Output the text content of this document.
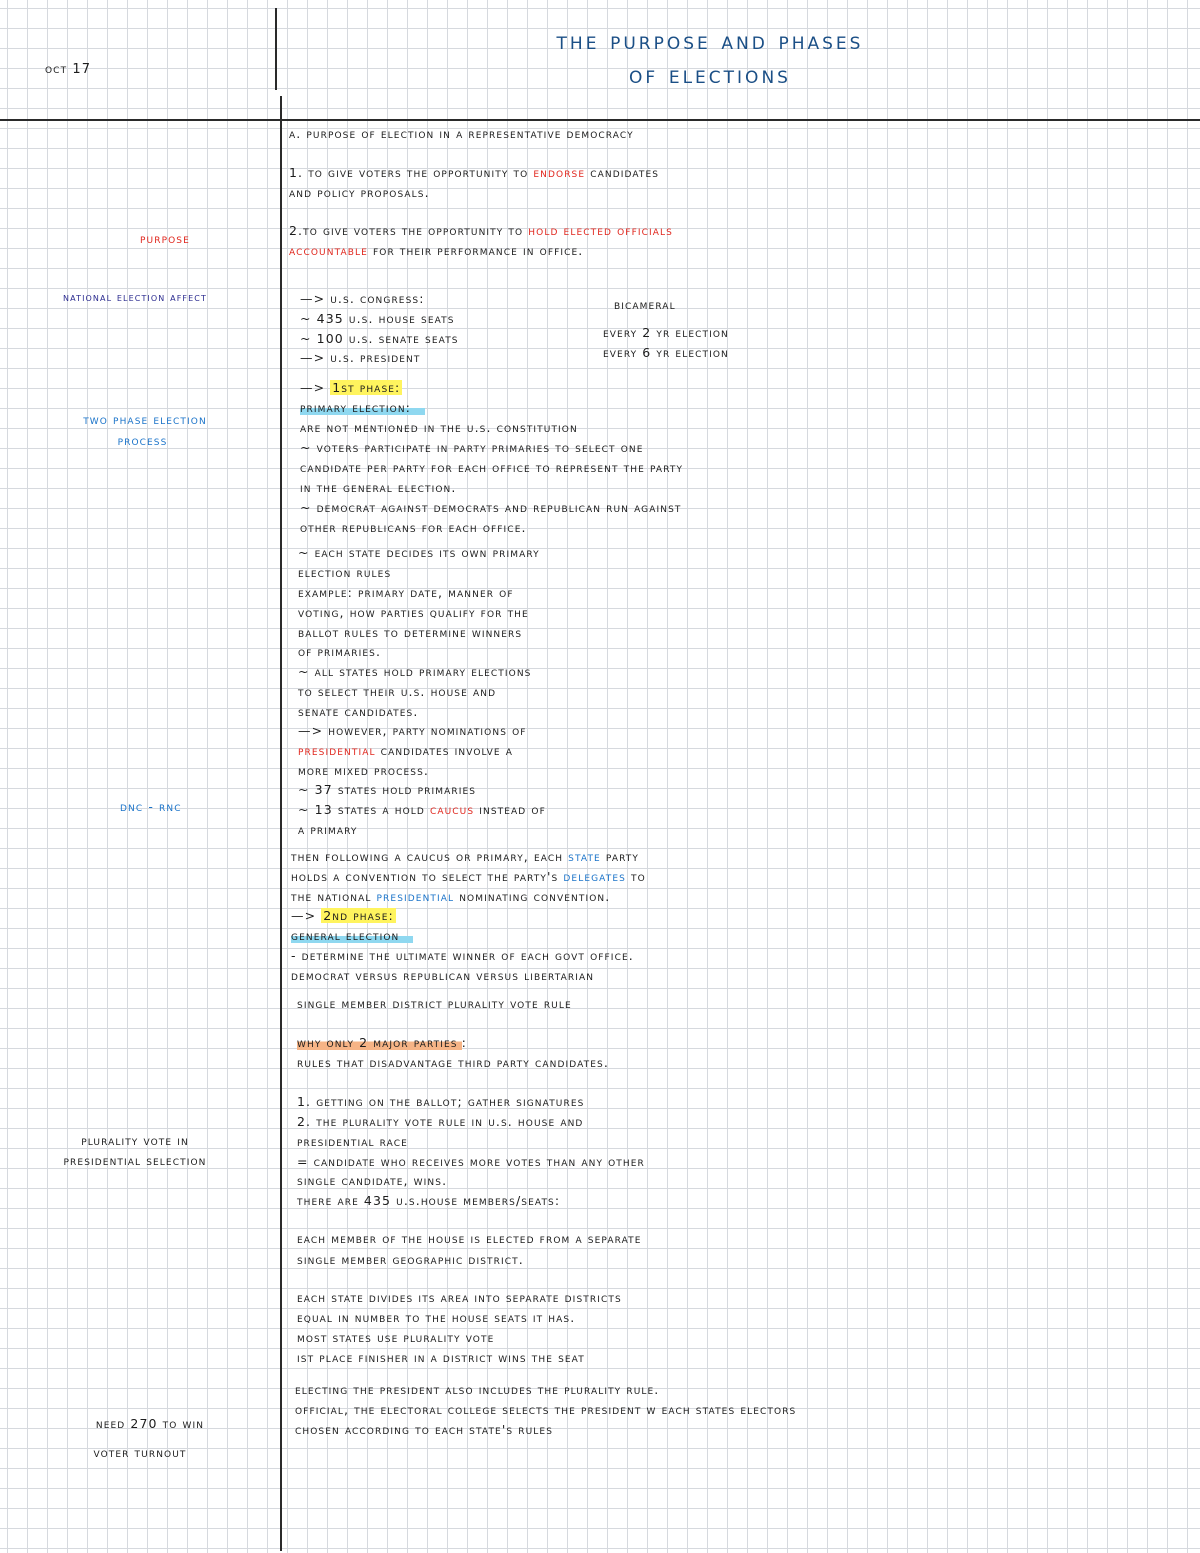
oct 17

the purpose and phases

of elections

purpose

national election affect

two phase election

process

dnc - rnc

plurality vote in

presidential selection

need 270 to win

voter turnout

a. purpose of election in a representative democracy

1. to give voters the opportunity to endorse candidates

and policy proposals.

2.to give voters the opportunity to hold elected officials

accountable for their performance in office.

—> u.s. congress:

~ 435 u.s. house seats

~ 100 u.s. senate seats

—> u.s. president

bicameral

every 2 yr election

every 6 yr election

—> 1st phase:

primary election:

are not mentioned in the u.s. constitution

~ voters participate in party primaries to select one

candidate per party for each office to represent the party

in the general election.

~ democrat against democrats and republican run against

other republicans for each office.

~ each state decides its own primary

election rules

example: primary date, manner of

voting, how parties qualify for the

ballot rules to determine winners

of primaries.

~ all states hold primary elections

to select their u.s. house and

senate candidates.

—> however, party nominations of

presidential candidates involve a

more mixed process.

~ 37 states hold primaries

~ 13 states a hold caucus instead of

a primary

then following a caucus or primary, each state party

holds a convention to select the party's delegates to

the national presidential nominating convention.

—> 2nd phase:

general election

- determine the ultimate winner of each govt office.

democrat versus republican versus libertarian

single member district plurality vote rule

why only 2 major parties :

rules that disadvantage third party candidates.

1. getting on the ballot; gather signatures

2. the plurality vote rule in u.s. house and

presidential race

= candidate who receives more votes than any other

single candidate, wins.

there are 435 u.s.house members/seats:

each member of the house is elected from a separate

single member geographic district.

each state divides its area into separate districts

equal in number to the house seats it has.

most states use plurality vote

ist place finisher in a district wins the seat

electing the president also includes the plurality rule.

official, the electoral college selects the president w each states electors

chosen according to each state's rules
